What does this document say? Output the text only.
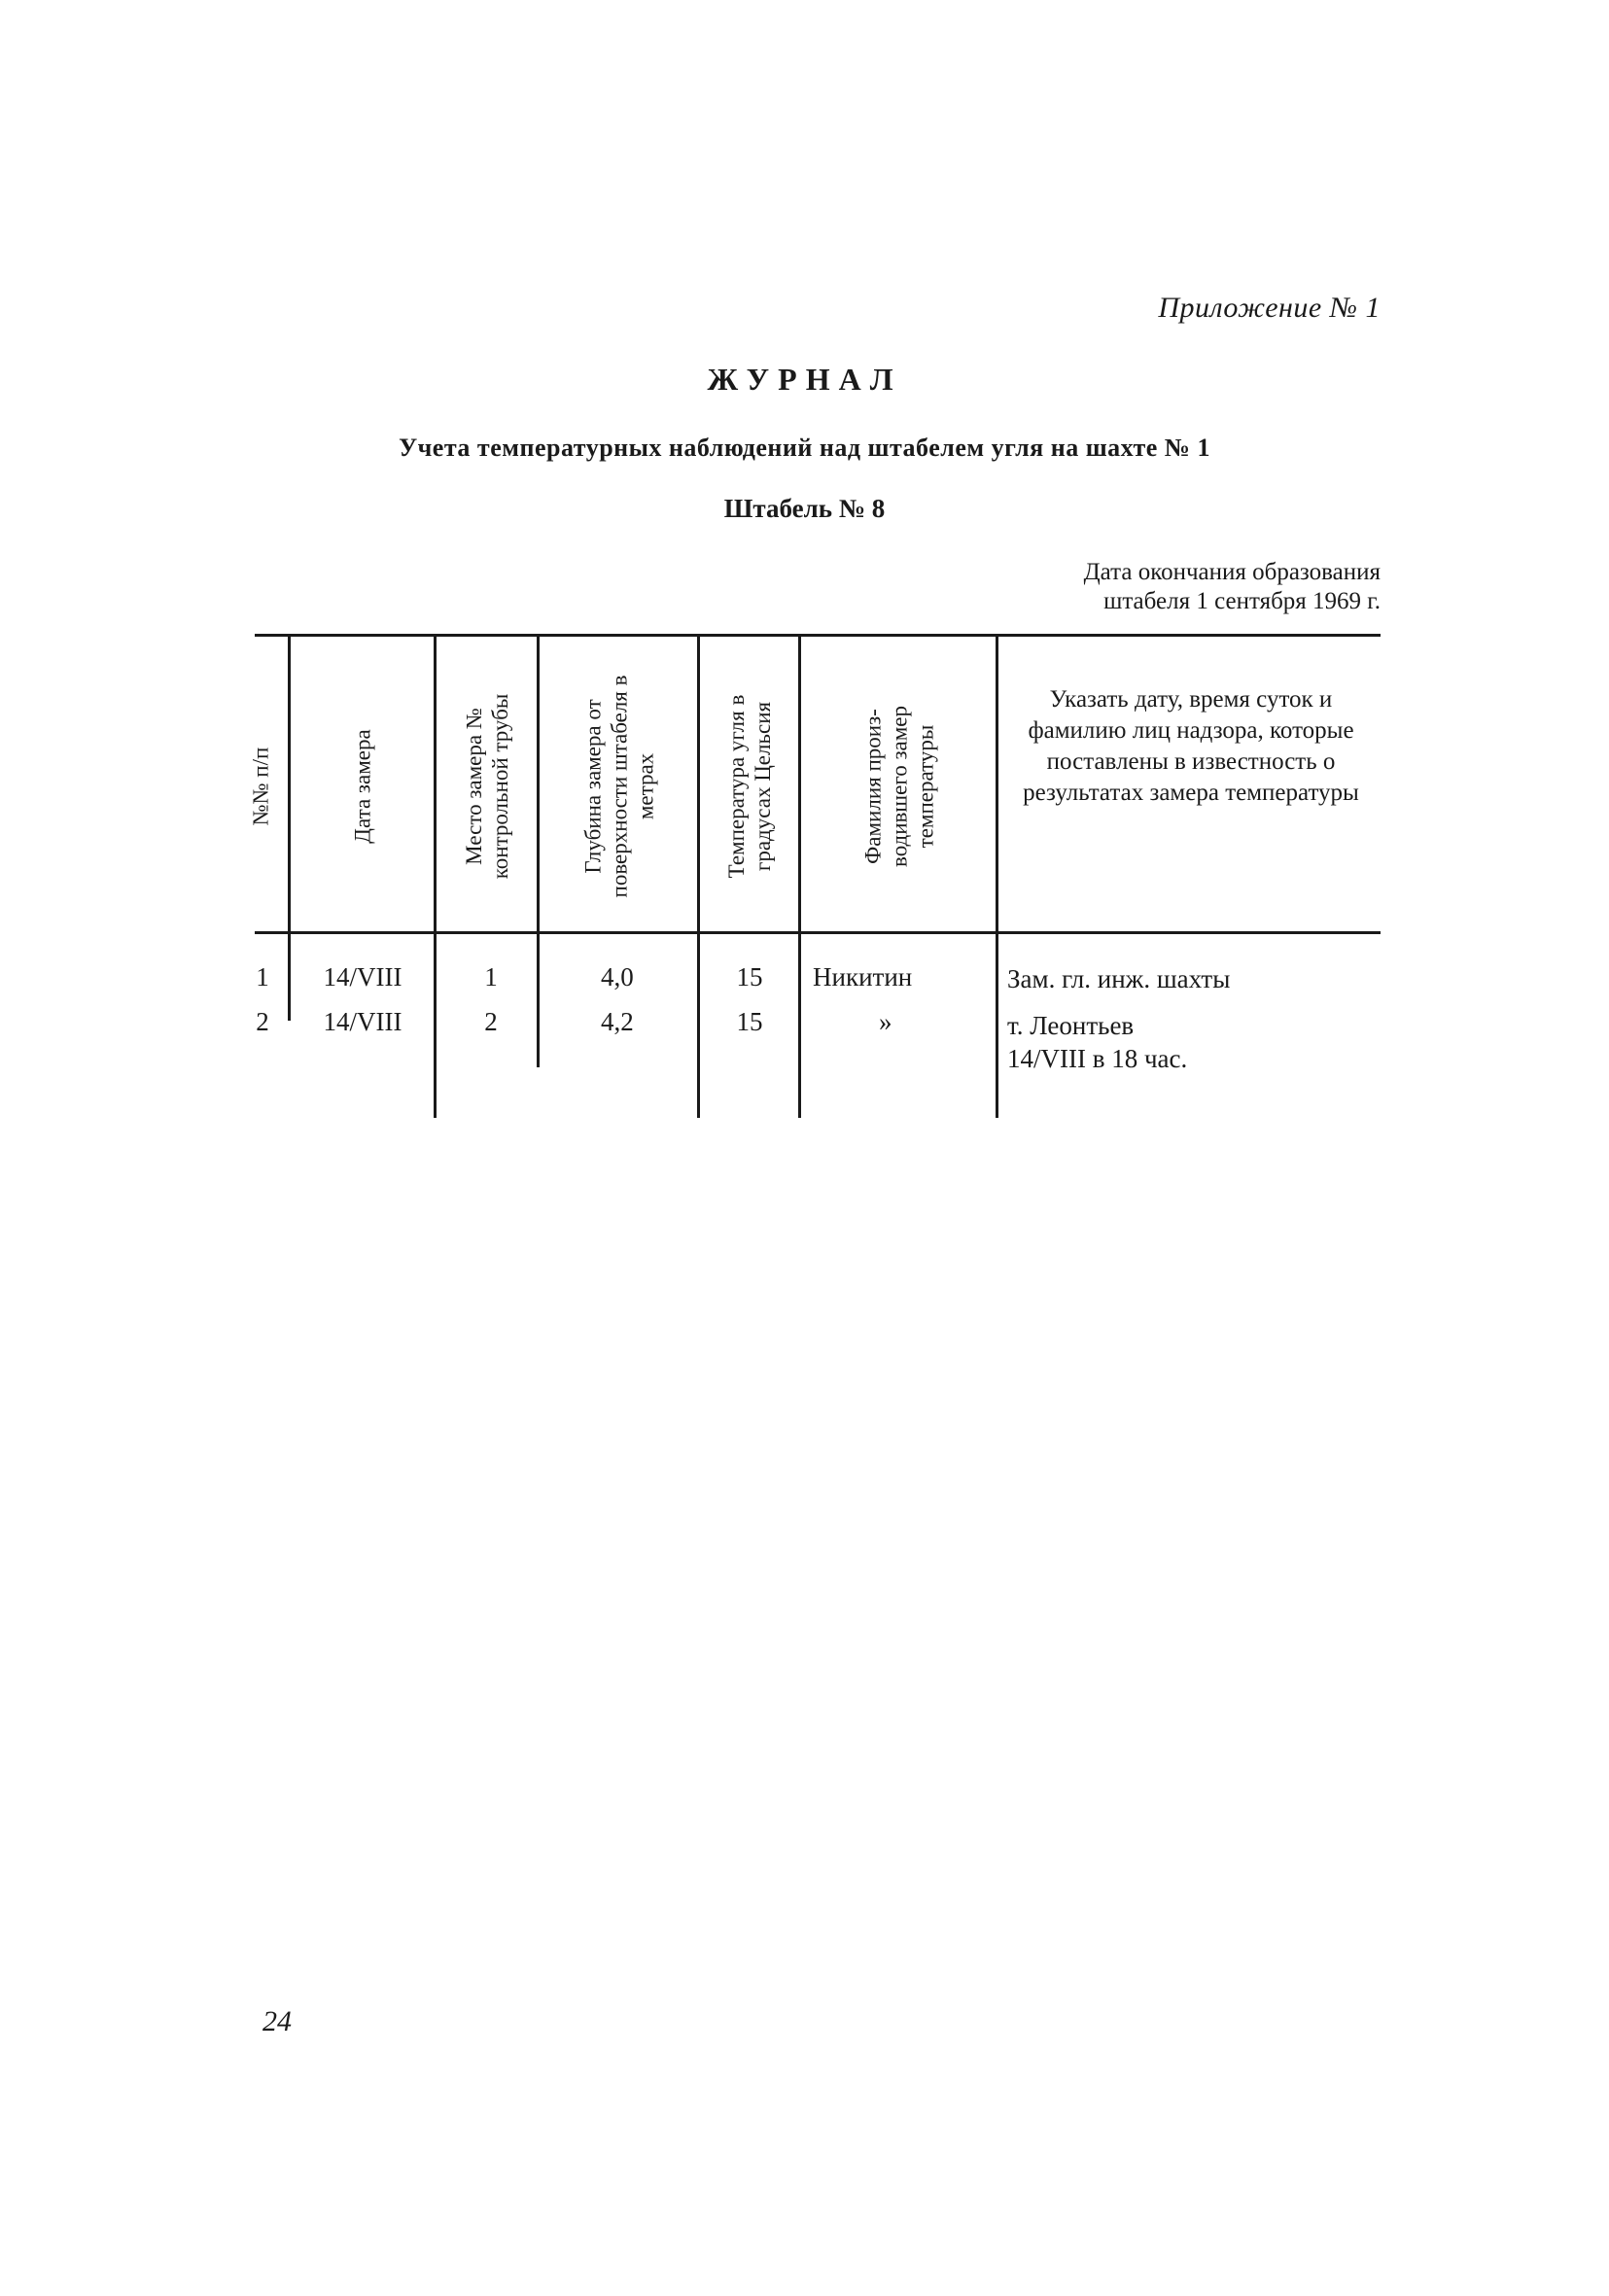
Приложение № 1
ЖУРНАЛ
Учета температурных наблюдений над штабелем угля на шахте № 1
Штабель № 8
Дата окончания образования
штабеля 1 сентября 1969 г.
№№ п/п	Дата замера	Место замера № контрольной трубы	Глубина замера от поверхности штабеля в метрах	Температура угля в градусах Цельсия	Фамилия произ- водившего замер температуры
Указать дату, время суток и фамилию лиц надзора, которые поставлены в известность о результатах замера температуры
1	14/VIII	1	4,0	15	Никитин	Зам. гл. инж. шахты
2	14/VIII	2	4,2	15	»	т. Леонтьев
14/VIII в 18 час.
24
